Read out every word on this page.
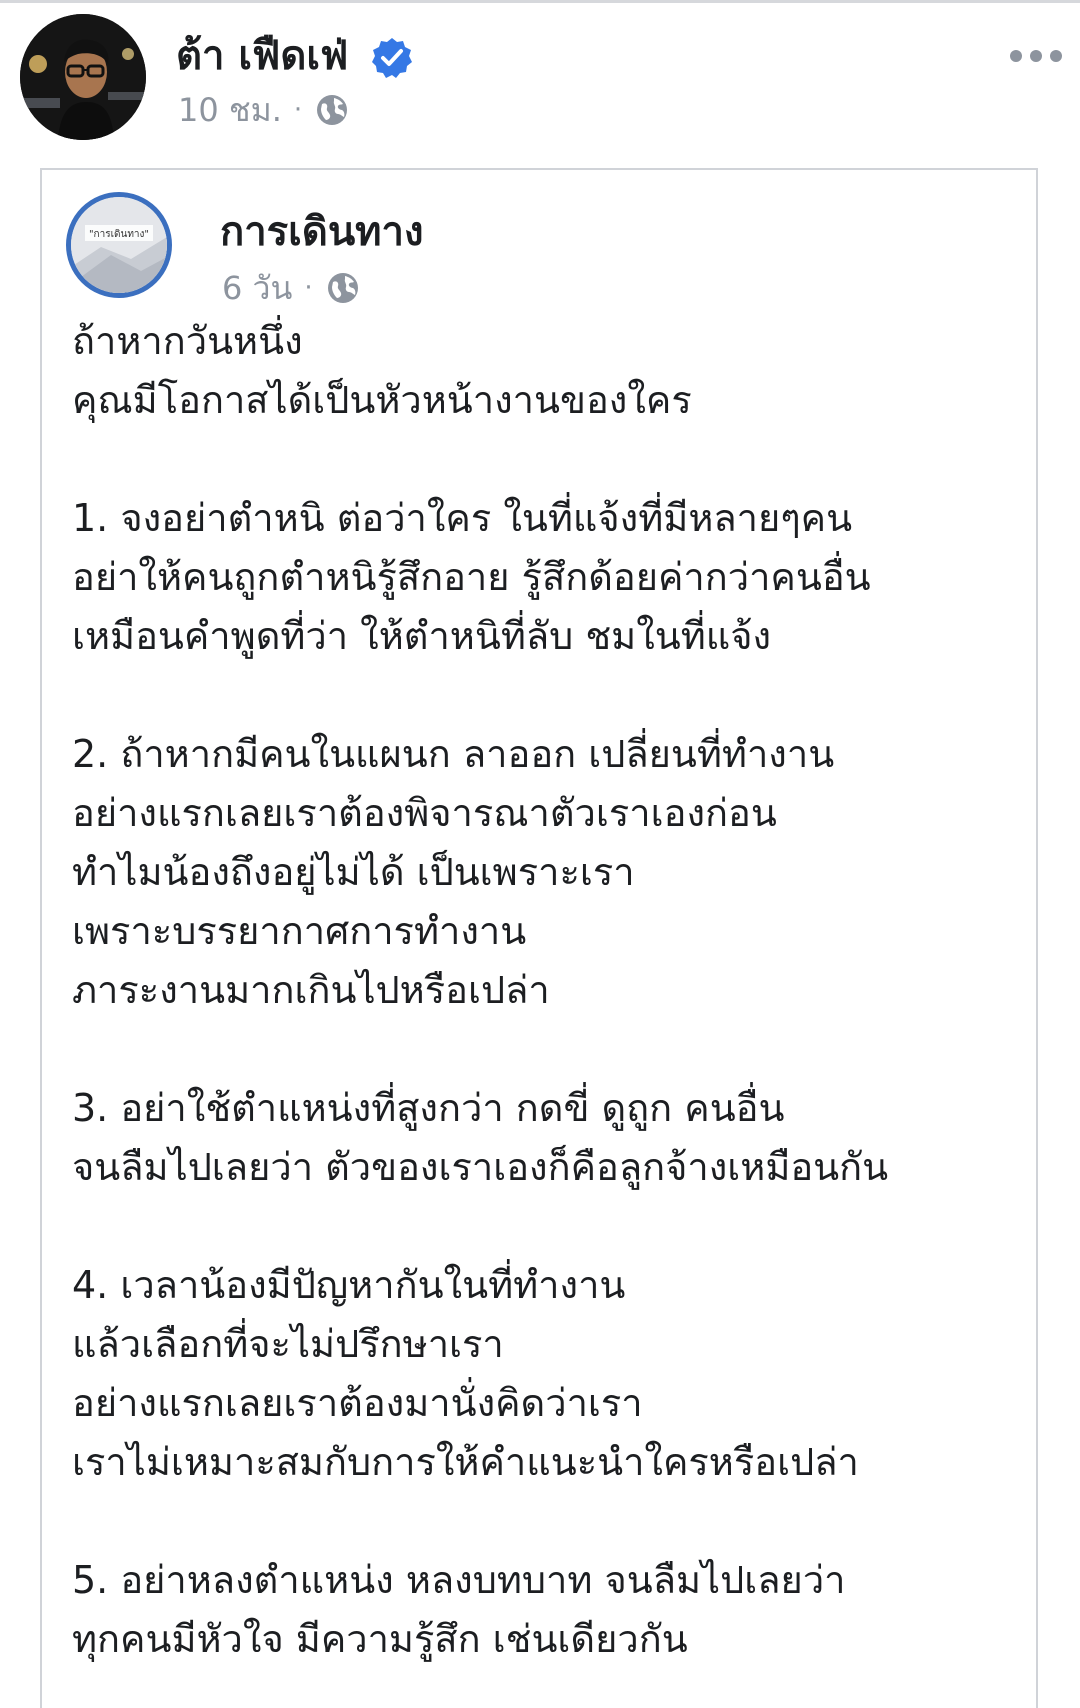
ต้า เฟืดเฟ่
10 ชม. ·
"การเดินทาง" การเดินทาง
6 วัน ·
ถ้าหากวันหนึ่ง
คุณมีโอกาสได้เป็นหัวหน้างานของใคร
1. จงอย่าตำหนิ ต่อว่าใคร ในที่แจ้งที่มีหลายๆคน
อย่าให้คนถูกตำหนิรู้สึกอาย รู้สึกด้อยค่ากว่าคนอื่น
เหมือนคำพูดที่ว่า ให้ตำหนิที่ลับ ชมในที่แจ้ง
2. ถ้าหากมีคนในแผนก ลาออก เปลี่ยนที่ทำงาน
อย่างแรกเลยเราต้องพิจารณาตัวเราเองก่อน
ทำไมน้องถึงอยู่ไม่ได้ เป็นเพราะเรา
เพราะบรรยากาศการทำงาน
ภาระงานมากเกินไปหรือเปล่า
3. อย่าใช้ตำแหน่งที่สูงกว่า กดขี่ ดูถูก คนอื่น
จนลืมไปเลยว่า ตัวของเราเองก็คือลูกจ้างเหมือนกัน
4. เวลาน้องมีปัญหากันในที่ทำงาน
แล้วเลือกที่จะไม่ปรึกษาเรา
อย่างแรกเลยเราต้องมานั่งคิดว่าเรา
เราไม่เหมาะสมกับการให้คำแนะนำใครหรือเปล่า
5. อย่าหลงตำแหน่ง หลงบทบาท จนลืมไปเลยว่า
ทุกคนมีหัวใจ มีความรู้สึก เช่นเดียวกัน
